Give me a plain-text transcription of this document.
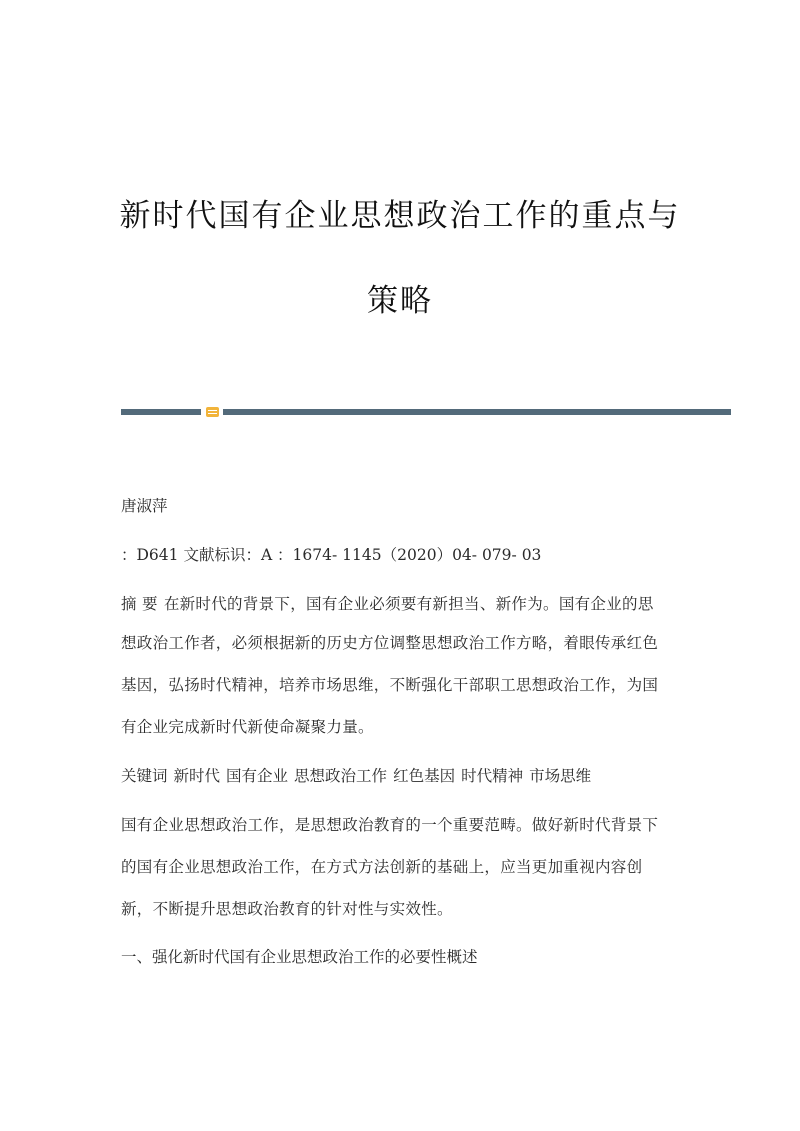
新时代国有企业思想政治工作的重点与
策略
唐淑萍
：D641 文献标识：A ：1674- 1145（2020）04- 079- 03
摘 要 在新时代的背景下，国有企业必须要有新担当、新作为。国有企业的思
想政治工作者，必须根据新的历史方位调整思想政治工作方略，着眼传承红色
基因，弘扬时代精神，培养市场思维，不断强化干部职工思想政治工作，为国
有企业完成新时代新使命凝聚力量。
关键词 新时代 国有企业 思想政治工作 红色基因 时代精神 市场思维
国有企业思想政治工作，是思想政治教育的一个重要范畴。做好新时代背景下
的国有企业思想政治工作，在方式方法创新的基础上，应当更加重视内容创
新，不断提升思想政治教育的针对性与实效性。
一、强化新时代国有企业思想政治工作的必要性概述
